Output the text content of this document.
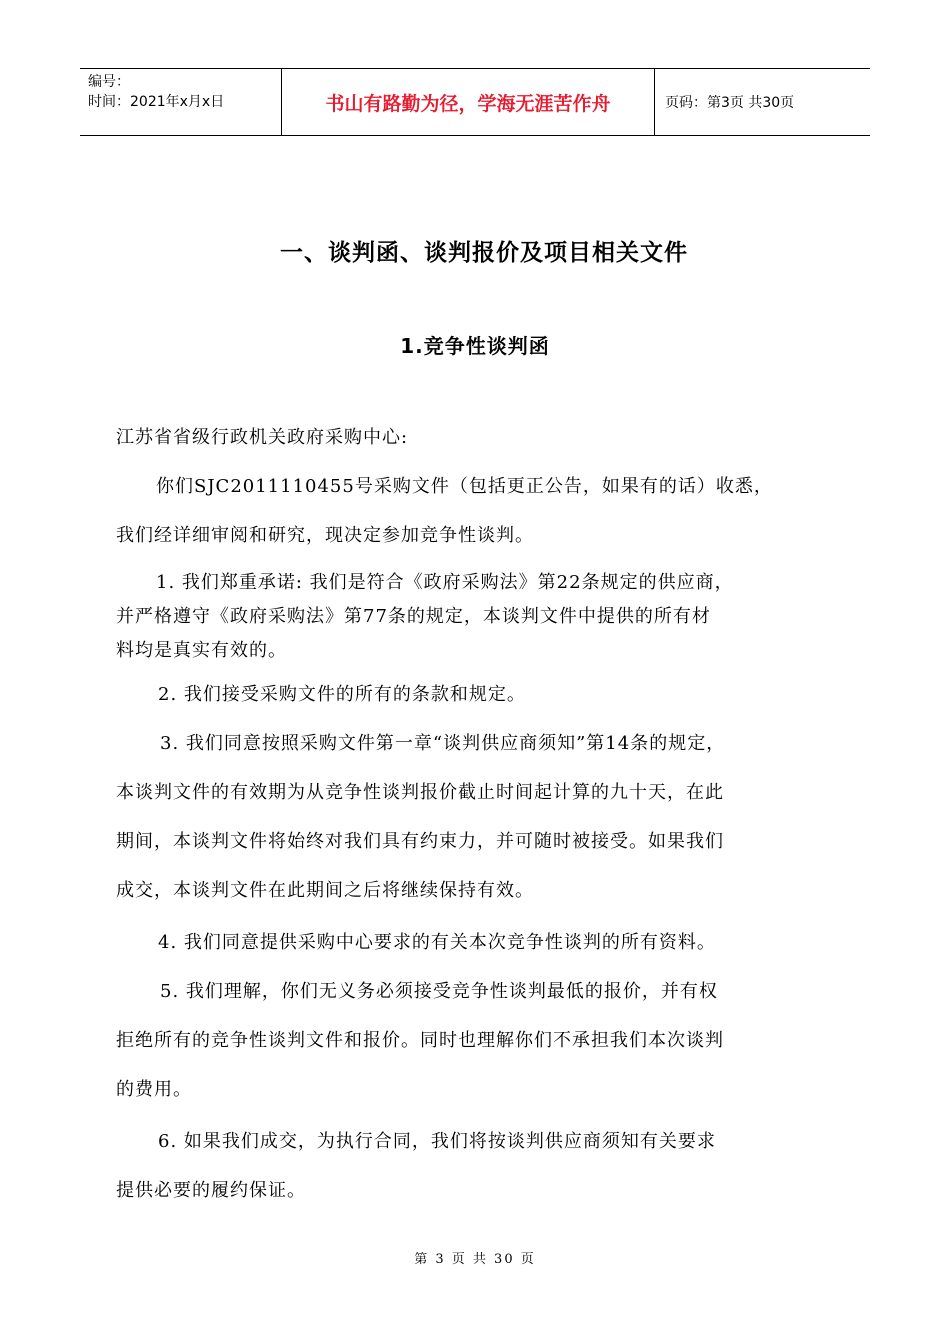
编号：
时间：2021年x月x日	书山有路勤为径，学海无涯苦作舟	页码：第3页 共30页
一、谈判函、谈判报价及项目相关文件
1.竞争性谈判函
江苏省省级行政机关政府采购中心:
你们SJC2011110455号采购文件（包括更正公告，如果有的话）收悉，
我们经详细审阅和研究，现决定参加竞争性谈判。
1. 我们郑重承诺: 我们是符合《政府采购法》第22条规定的供应商，
并严格遵守《政府采购法》第77条的规定，本谈判文件中提供的所有材
料均是真实有效的。
2. 我们接受采购文件的所有的条款和规定。
3. 我们同意按照采购文件第一章“谈判供应商须知”第14条的规定，
本谈判文件的有效期为从竞争性谈判报价截止时间起计算的九十天，在此
期间，本谈判文件将始终对我们具有约束力，并可随时被接受。如果我们
成交，本谈判文件在此期间之后将继续保持有效。
4. 我们同意提供采购中心要求的有关本次竞争性谈判的所有资料。
5. 我们理解，你们无义务必须接受竞争性谈判最低的报价，并有权
拒绝所有的竞争性谈判文件和报价。同时也理解你们不承担我们本次谈判
的费用。
6. 如果我们成交，为执行合同，我们将按谈判供应商须知有关要求
提供必要的履约保证。
第 3 页 共 30 页
